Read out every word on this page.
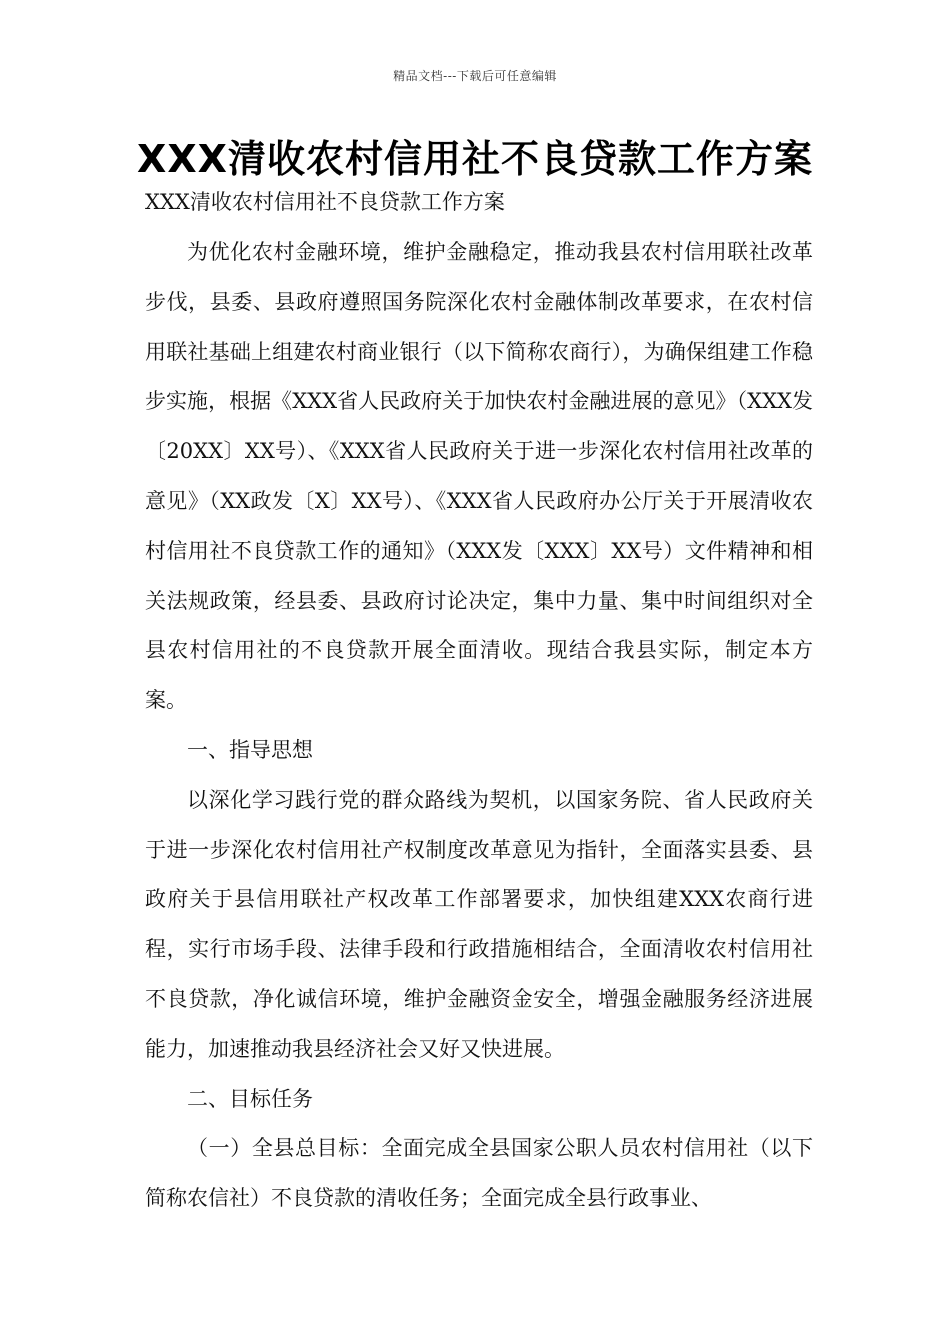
精品文档---下载后可任意编辑
XXX清收农村信用社不良贷款工作方案
XXX清收农村信用社不良贷款工作方案

为优化农村金融环境，维护金融稳定，推动我县农村信用联社改革步伐，县委、县政府遵照国务院深化农村金融体制改革要求，在农村信用联社基础上组建农村商业银行（以下简称农商行），为确保组建工作稳步实施，根据《XXX省人民政府关于加快农村金融进展的意见》（XXX发〔20XX〕XX号）、《XXX省人民政府关于进一步深化农村信用社改革的意见》（XX政发〔X〕XX号）、《XXX省人民政府办公厅关于开展清收农村信用社不良贷款工作的通知》（XXX发〔XXX〕XX号）文件精神和相关法规政策，经县委、县政府讨论决定，集中力量、集中时间组织对全县农村信用社的不良贷款开展全面清收。现结合我县实际，制定本方案。

一、指导思想

以深化学习践行党的群众路线为契机，以国家务院、省人民政府关于进一步深化农村信用社产权制度改革意见为指针，全面落实县委、县政府关于县信用联社产权改革工作部署要求，加快组建XXX农商行进程，实行市场手段、法律手段和行政措施相结合，全面清收农村信用社不良贷款，净化诚信环境，维护金融资金安全，增强金融服务经济进展能力，加速推动我县经济社会又好又快进展。

二、目标任务

（一）全县总目标：全面完成全县国家公职人员农村信用社（以下简称农信社）不良贷款的清收任务；全面完成全县行政事业、
